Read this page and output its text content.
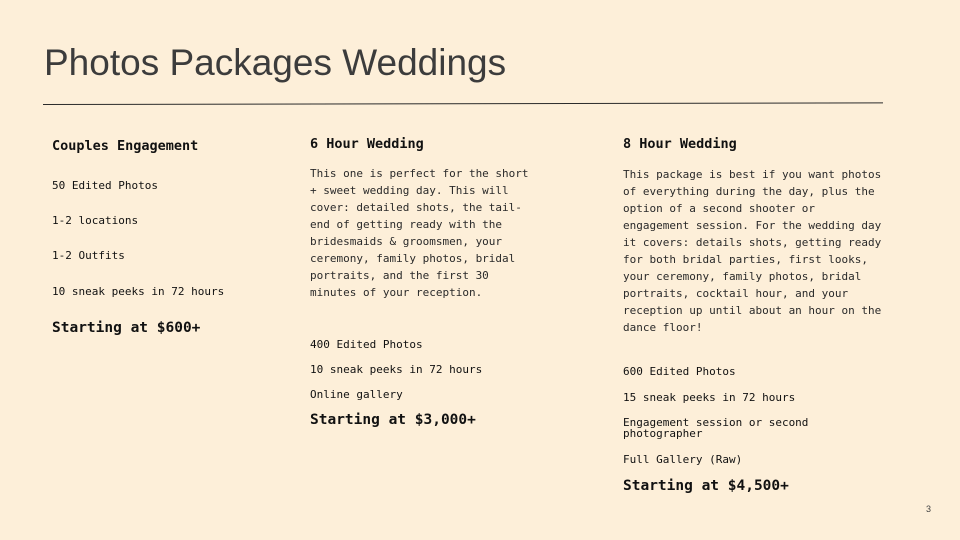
Photos Packages Weddings
Couples Engagement
50 Edited Photos
1-2 locations
1-2 Outfits
10 sneak peeks in 72 hours
Starting at $600+
6 Hour Wedding
This one is perfect for the short + sweet wedding day. This will cover: detailed shots, the tail-end of getting ready with the bridesmaids & groomsmen, your ceremony, family photos, bridal portraits, and the first 30 minutes of your reception.
400 Edited Photos
10 sneak peeks in 72 hours
Online gallery
Starting at $3,000+
8 Hour Wedding
This package is best if you want photos of everything during the day, plus the option of a second shooter or engagement session. For the wedding day it covers: details shots, getting ready for both bridal parties, first looks, your ceremony, family photos, bridal portraits, cocktail hour, and your reception up until about an hour on the dance floor!
600 Edited Photos
15 sneak peeks in 72 hours
Engagement session or second photographer
Full Gallery (Raw)
Starting at $4,500+
3
